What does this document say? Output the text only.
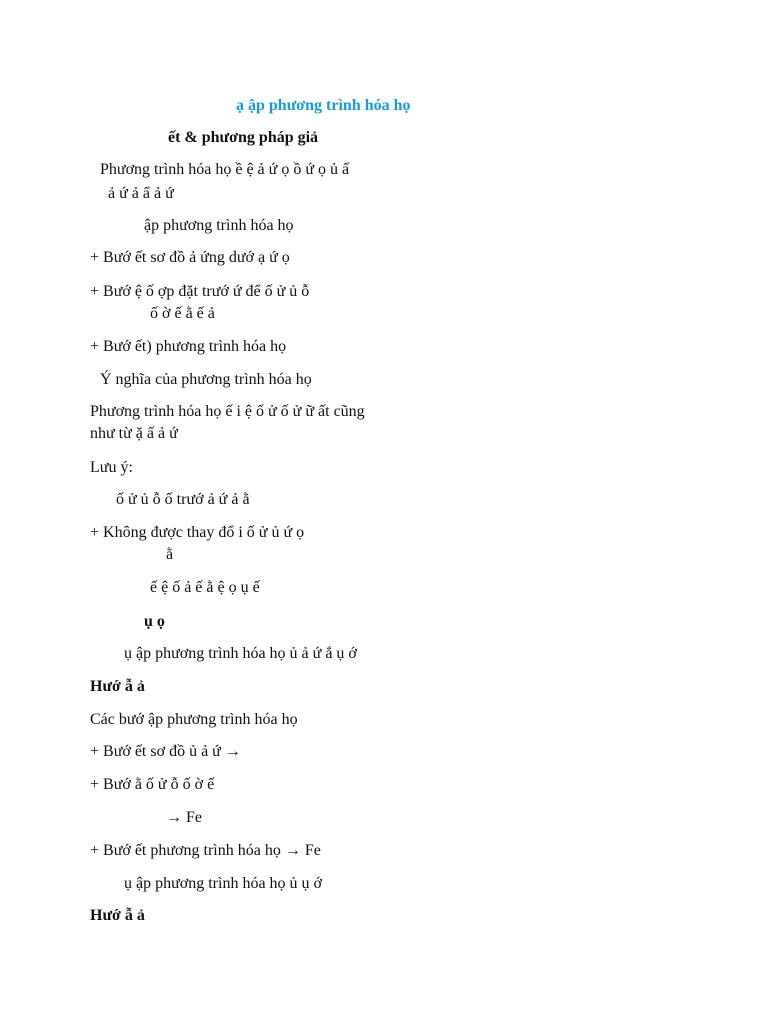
ạ ập phương trình hóa họ
ết & phương pháp giả
Phương trình hóa họ ề ệ ả ứ ọ ồ ứ ọ ủ ấ
ả ứ ả ẩ ả ứ
ập phương trình hóa họ
+ Bướ ết sơ đồ ả ứng dướ ạ ứ ọ
+ Bướ ệ ố ợp đặt trướ ứ để ố ử ủ ỗ
ố ờ ế ằ ế ả
+ Bướ ết) phương trình hóa họ
Ý nghĩa của phương trình hóa họ
Phương trình hóa họ ế i ệ ố ử ố ử ữ ất cũng
như từ ặ ấ ả ứ
Lưu ý:
ố ử ủ ỗ ố trướ ả ứ ả ằ
+ Không được thay đổ i ố ử ủ ứ ọ
ằ
ế ệ ố ả ế ằ ệ ọ ụ ế
ụ ọ
ụ ập phương trình hóa họ ủ ả ứ ắ ụ ớ
Hướ ẫ ả
Các bướ ập phương trình hóa họ
+ Bướ ết sơ đồ ủ ả ứ →
+ Bướ ằ ố ử ỗ ố ờ ế
→ Fe
+ Bướ ết phương trình hóa họ → Fe
ụ ập phương trình hóa họ ủ ụ ớ
Hướ ẫ ả
